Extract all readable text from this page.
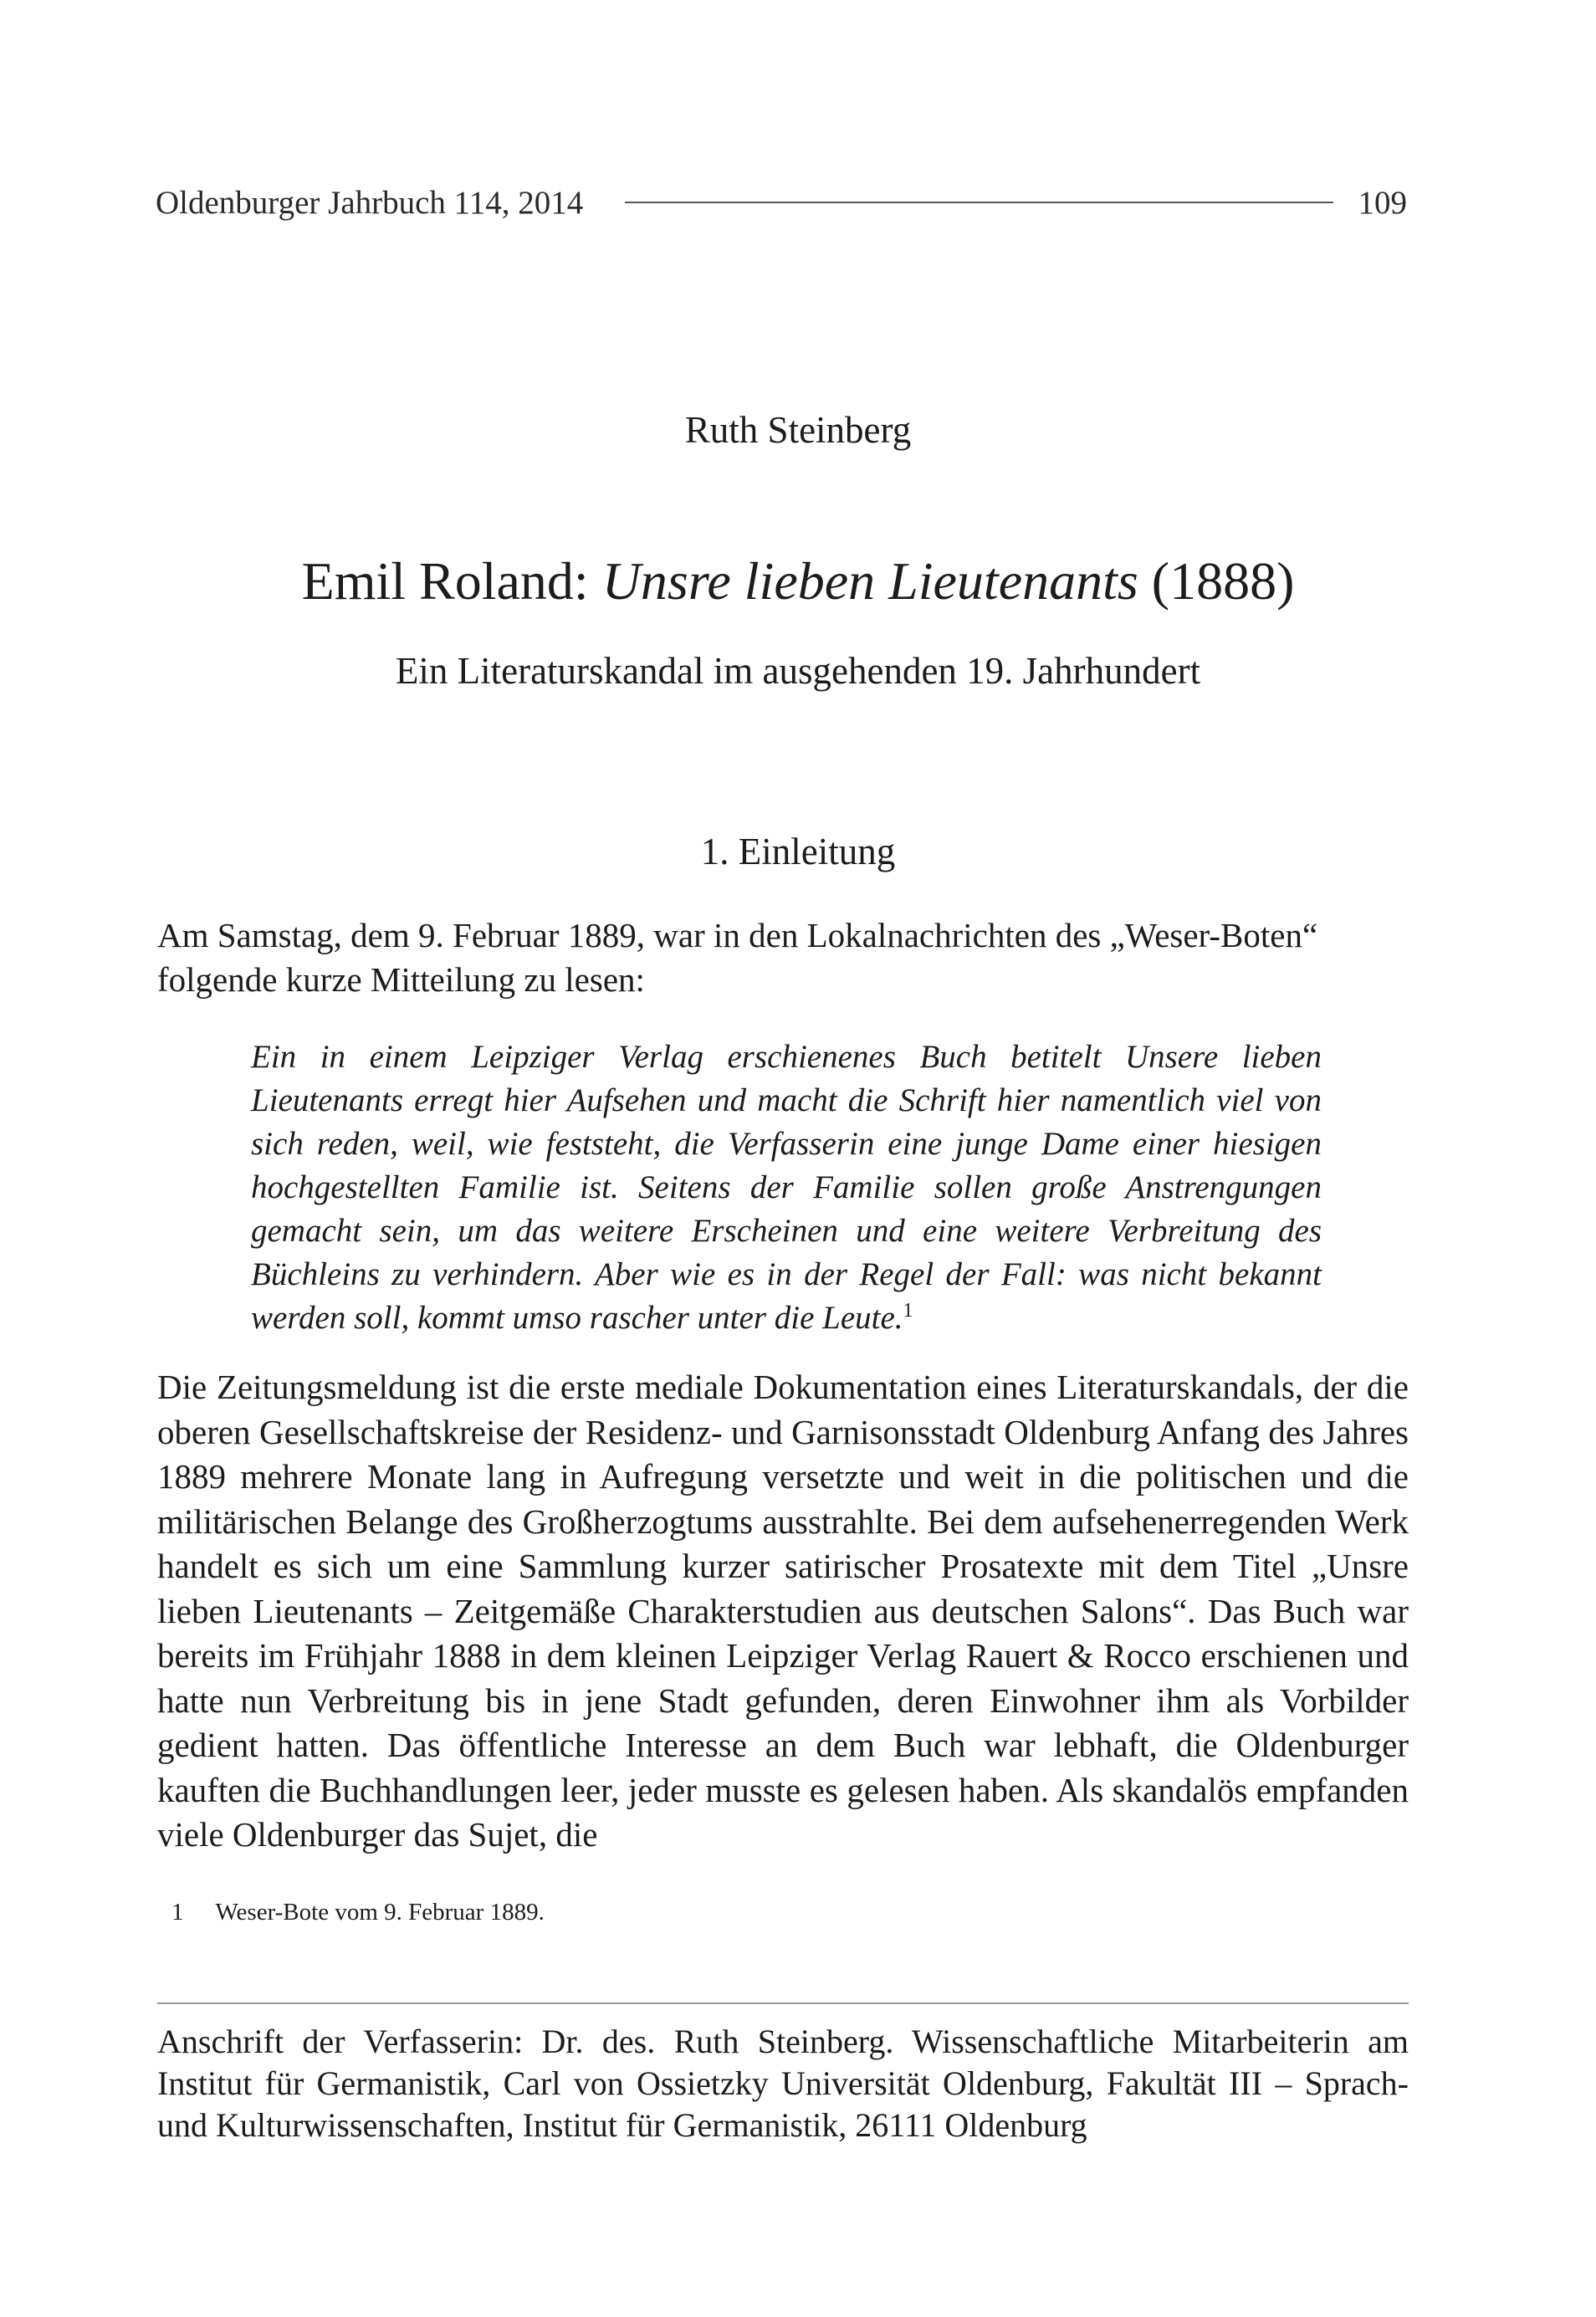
Oldenburger Jahrbuch 114, 2014	109
Ruth Steinberg
Emil Roland: Unsre lieben Lieutenants (1888)
Ein Literaturskandal im ausgehenden 19. Jahrhundert
1. Einleitung
Am Samstag, dem 9. Februar 1889, war in den Lokalnachrichten des „Weser-Boten“ folgende kurze Mitteilung zu lesen:
Ein in einem Leipziger Verlag erschienenes Buch betitelt Unsere lieben Lieutenants erregt hier Aufsehen und macht die Schrift hier namentlich viel von sich reden, weil, wie feststeht, die Verfasserin eine junge Dame einer hiesigen hochgestellten Familie ist. Seitens der Familie sollen große Anstrengungen gemacht sein, um das weitere Erscheinen und eine weitere Verbreitung des Büchleins zu verhindern. Aber wie es in der Regel der Fall: was nicht bekannt werden soll, kommt umso rascher unter die Leute.$^1$
Die Zeitungsmeldung ist die erste mediale Dokumentation eines Literaturskandals, der die oberen Gesellschaftskreise der Residenz- und Garnisonsstadt Oldenburg Anfang des Jahres 1889 mehrere Monate lang in Aufregung versetzte und weit in die politischen und die militärischen Belange des Großherzogtums ausstrahlte. Bei dem aufsehenerregenden Werk handelt es sich um eine Sammlung kurzer satirischer Prosatexte mit dem Titel „Unsre lieben Lieutenants – Zeitgemäße Charakterstudien aus deutschen Salons“. Das Buch war bereits im Frühjahr 1888 in dem kleinen Leipziger Verlag Rauert & Rocco erschienen und hatte nun Verbreitung bis in jene Stadt gefunden, deren Einwohner ihm als Vorbilder gedient hatten. Das öffentliche Interesse an dem Buch war lebhaft, die Oldenburger kauften die Buchhandlungen leer, jeder musste es gelesen haben. Als skandalös empfanden viele Oldenburger das Sujet, die
1 Weser-Bote vom 9. Februar 1889.
Anschrift der Verfasserin: Dr. des. Ruth Steinberg. Wissenschaftliche Mitarbeiterin am Institut für Germanistik, Carl von Ossietzky Universität Oldenburg, Fakultät III – Sprach- und Kulturwissenschaften, Institut für Germanistik, 26111 Oldenburg
